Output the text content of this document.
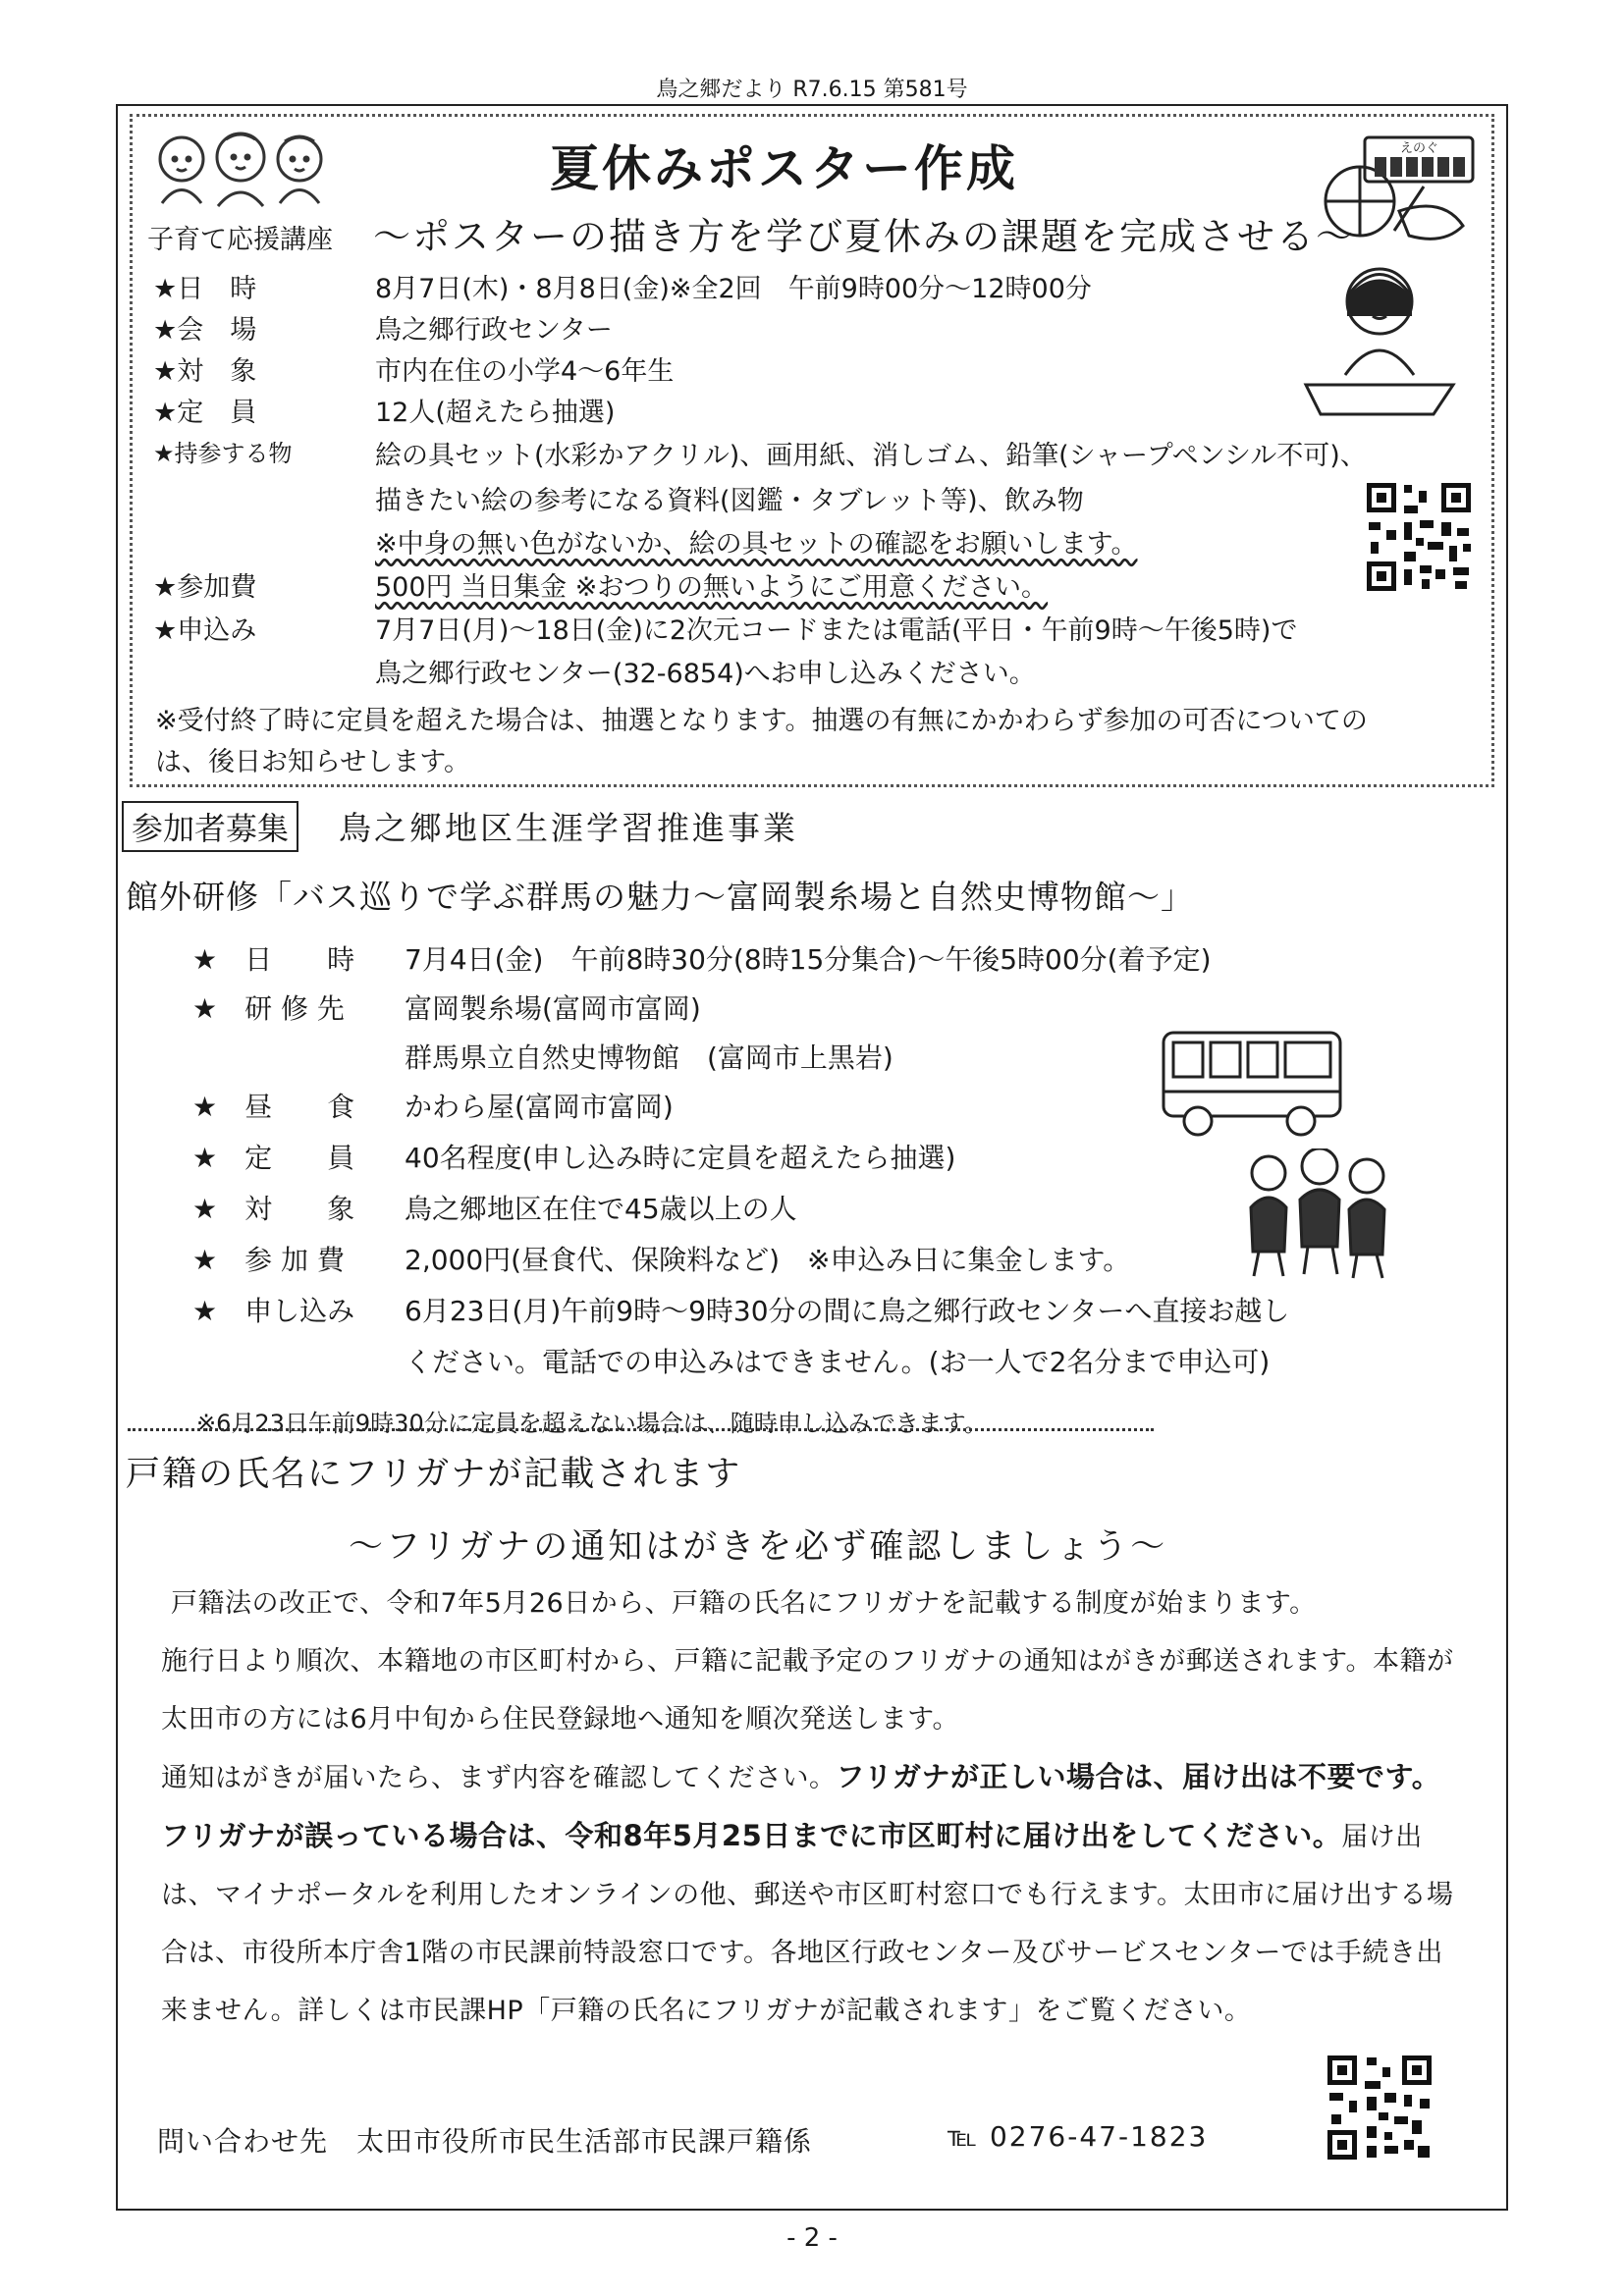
鳥之郷だより R7.6.15 第581号
夏休みポスター作成
子育て応援講座 ～ポスターの描き方を学び夏休みの課題を完成させる～
えのぐ
★日　時	8月7日(木)・8月8日(金)※全2回　午前9時00分～12時00分
★会　場	鳥之郷行政センター
★対　象	市内在住の小学4～6年生
★定　員	12人(超えたら抽選)
★持参する物	絵の具セット(水彩かアクリル)、画用紙、消しゴム、鉛筆(シャープペンシル不可)、
描きたい絵の参考になる資料(図鑑・タブレット等)、飲み物
※中身の無い色がないか、絵の具セットの確認をお願いします。
★参加費	500円 当日集金 ※おつりの無いようにご用意ください。
★申込み	7月7日(月)～18日(金)に2次元コードまたは電話(平日・午前9時～午後5時)で
鳥之郷行政センター(32-6854)へお申し込みください。
※受付終了時に定員を超えた場合は、抽選となります。抽選の有無にかかわらず参加の可否についての
は、後日お知らせします。
参加者募集	鳥之郷地区生涯学習推進事業
館外研修「バス巡りで学ぶ群馬の魅力～富岡製糸場と自然史博物館～」
★　日　　時 7月4日(金)　午前8時30分(8時15分集合)～午後5時00分(着予定)
★　研 修 先 富岡製糸場(富岡市富岡)
群馬県立自然史博物館　(富岡市上黒岩)
★　昼　　食 かわら屋(富岡市富岡)
★　定　　員 40名程度(申し込み時に定員を超えたら抽選)
★　対　　象 鳥之郷地区在住で45歳以上の人
★　参 加 費 2,000円(昼食代、保険料など)　※申込み日に集金します。
★　申し込み 6月23日(月)午前9時～9時30分の間に鳥之郷行政センターへ直接お越し
ください。電話での申込みはできません。(お一人で2名分まで申込可)
※6月23日午前9時30分に定員を超えない場合は、随時申し込みできます。
戸籍の氏名にフリガナが記載されます
～フリガナの通知はがきを必ず確認しましょう～
戸籍法の改正で、令和7年5月26日から、戸籍の氏名にフリガナを記載する制度が始まります。
施行日より順次、本籍地の市区町村から、戸籍に記載予定のフリガナの通知はがきが郵送されます。本籍が太田市の方には6月中旬から住民登録地へ通知を順次発送します。
通知はがきが届いたら、まず内容を確認してください。フリガナが正しい場合は、届け出は不要です。フリガナが誤っている場合は、令和8年5月25日までに市区町村に届け出をしてください。届け出は、マイナポータルを利用したオンラインの他、郵送や市区町村窓口でも行えます。太田市に届け出する場合は、市役所本庁舎1階の市民課前特設窓口です。各地区行政センター及びサービスセンターでは手続き出来ません。詳しくは市民課HP「戸籍の氏名にフリガナが記載されます」をご覧ください。
問い合わせ先　太田市役所市民生活部市民課戸籍係	℡ 0276-47-1823
- 2 -
